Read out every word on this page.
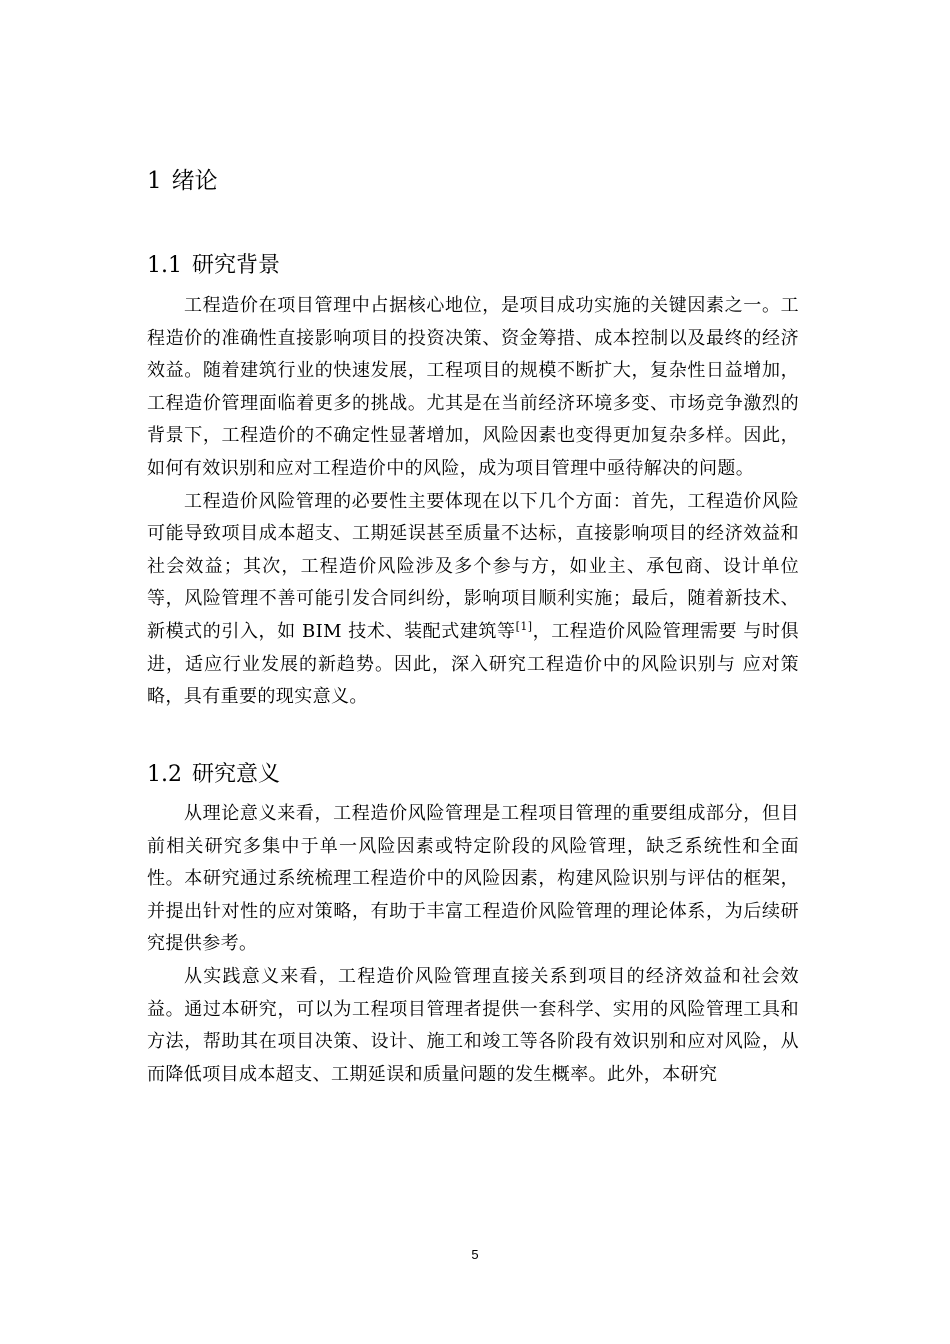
1 绪论
1.1 研究背景

工程造价在项目管理中占据核心地位，是项目成功实施的关键因素之一。工程造价的准确性直接影响项目的投资决策、资金筹措、成本控制以及最终的经济效益。随着建筑行业的快速发展，工程项目的规模不断扩大，复杂性日益增加，工程造价管理面临着更多的挑战。尤其是在当前经济环境多变、市场竞争激烈的背景下，工程造价的不确定性显著增加，风险因素也变得更加复杂多样。因此，如何有效识别和应对工程造价中的风险，成为项目管理中亟待解决的问题。

工程造价风险管理的必要性主要体现在以下几个方面：首先，工程造价风险可能导致项目成本超支、工期延误甚至质量不达标，直接影响项目的经济效益和社会效益；其次，工程造价风险涉及多个参与方，如业主、承包商、设计单位等，风险管理不善可能引发合同纠纷，影响项目顺利实施；最后，随着新技术、新模式的引入，如 BIM 技术、装配式建筑等[1]，工程造价风险管理需要 与时俱进，适应行业发展的新趋势。因此，深入研究工程造价中的风险识别与 应对策略，具有重要的现实意义。

1.2 研究意义

从理论意义来看，工程造价风险管理是工程项目管理的重要组成部分，但目前相关研究多集中于单一风险因素或特定阶段的风险管理，缺乏系统性和全面性。本研究通过系统梳理工程造价中的风险因素，构建风险识别与评估的框架，并提出针对性的应对策略，有助于丰富工程造价风险管理的理论体系，为后续研究提供参考。

从实践意义来看，工程造价风险管理直接关系到项目的经济效益和社会效益。通过本研究，可以为工程项目管理者提供一套科学、实用的风险管理工具和方法，帮助其在项目决策、设计、施工和竣工等各阶段有效识别和应对风险，从而降低项目成本超支、工期延误和质量问题的发生概率。此外，本研究

5
